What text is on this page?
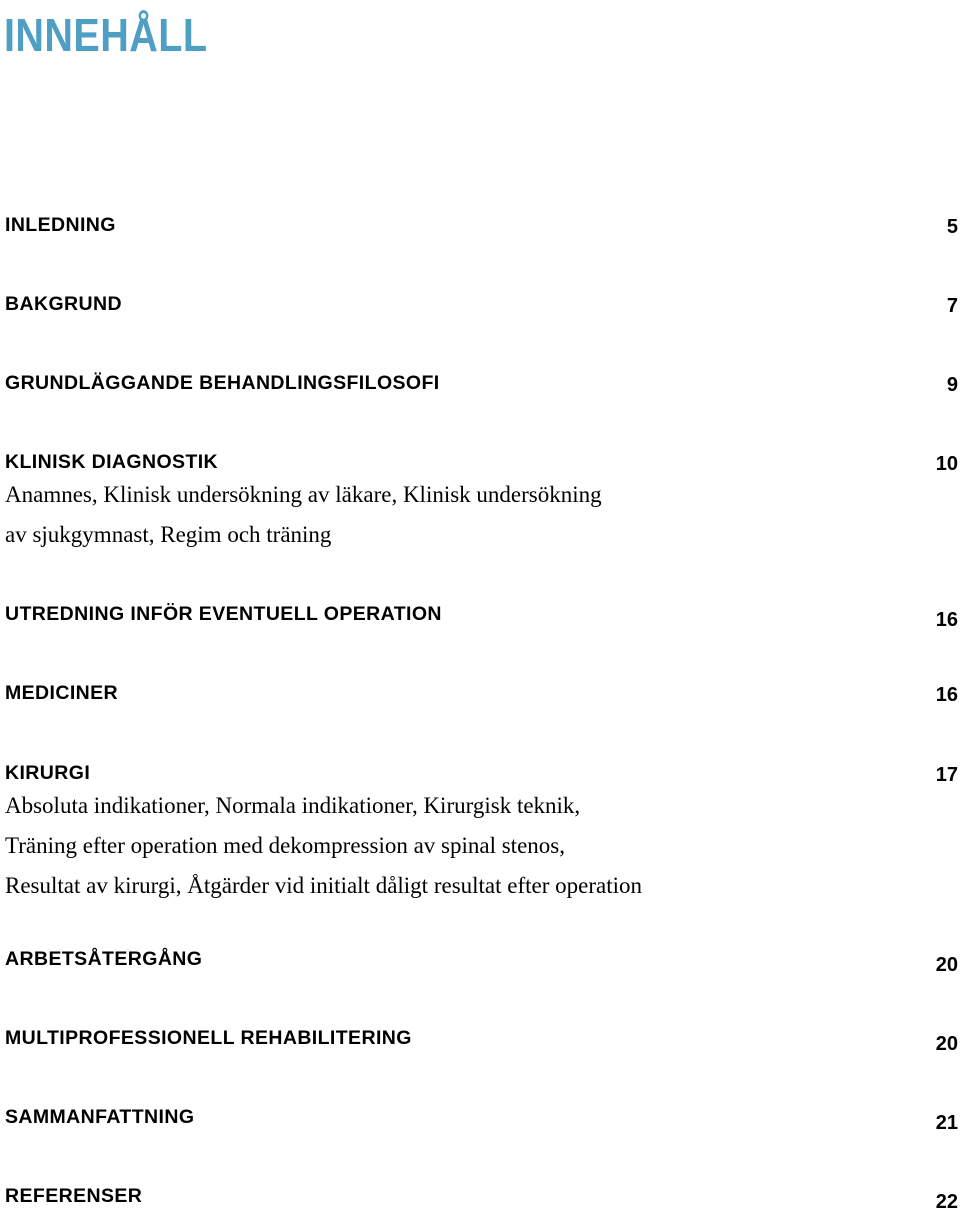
INNEHÅLL
INLEDNING	5
BAKGRUND	7
GRUNDLÄGGANDE BEHANDLINGSFILOSOFI	9
KLINISK DIAGNOSTIK	10
Anamnes, Klinisk undersökning av läkare, Klinisk undersökning
av sjukgymnast, Regim och träning
UTREDNING INFÖR EVENTUELL OPERATION	16
MEDICINER	16
KIRURGI	17
Absoluta indikationer, Normala indikationer, Kirurgisk teknik,
Träning efter operation med dekompression av spinal stenos,
Resultat av kirurgi, Åtgärder vid initialt dåligt resultat efter operation
ARBETSÅTERGÅNG	20
MULTIPROFESSIONELL REHABILITERING	20
SAMMANFATTNING	21
REFERENSER	22
